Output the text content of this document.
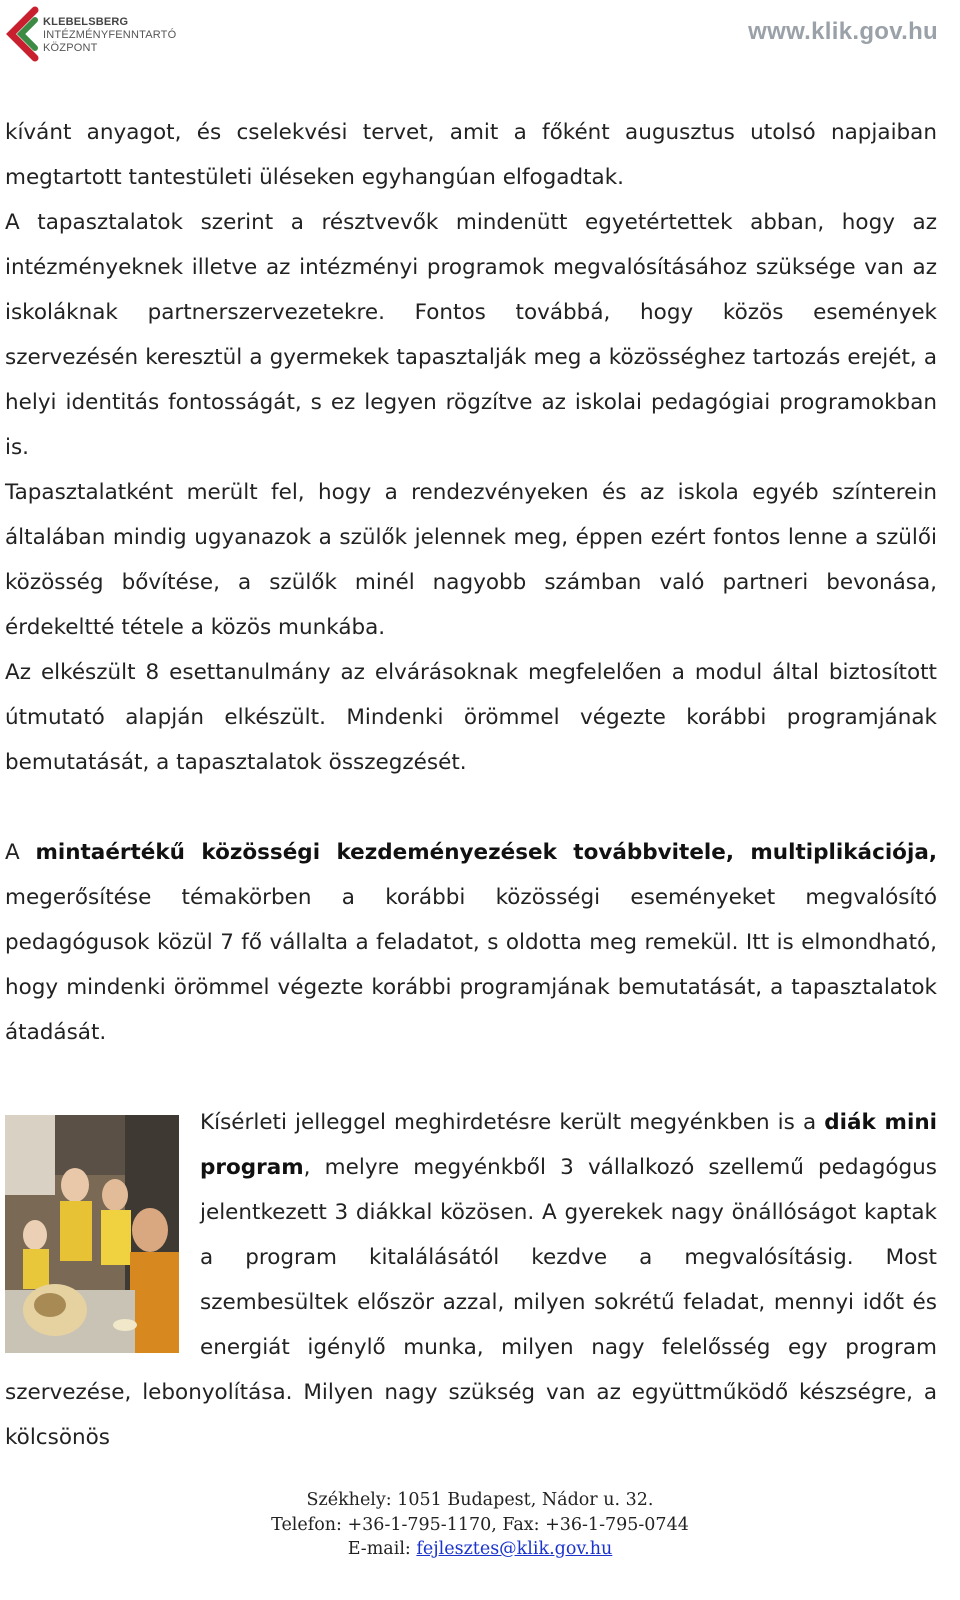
KLEBELSBERG
INTÉZMÉNYFENNTARTÓ
KÖZPONT
www.klik.gov.hu

kívánt anyagot, és cselekvési tervet, amit a főként augusztus utolsó napjaiban megtartott tantestületi üléseken egyhangúan elfogadtak.

A tapasztalatok szerint a résztvevők mindenütt egyetértettek abban, hogy az intézményeknek illetve az intézményi programok megvalósításához szüksége van az iskoláknak partnerszervezetekre. Fontos továbbá, hogy közös események szervezésén keresztül a gyermekek tapasztalják meg a közösséghez tartozás erejét, a helyi identitás fontosságát, s ez legyen rögzítve az iskolai pedagógiai programokban is.

Tapasztalatként merült fel, hogy a rendezvényeken és az iskola egyéb színterein általában mindig ugyanazok a szülők jelennek meg, éppen ezért fontos lenne a szülői közösség bővítése, a szülők minél nagyobb számban való partneri bevonása, érdekeltté tétele a közös munkába.

Az elkészült 8 esettanulmány az elvárásoknak megfelelően a modul által biztosított útmutató alapján elkészült. Mindenki örömmel végezte korábbi programjának bemutatását, a tapasztalatok összegzését.

A mintaértékű közösségi kezdeményezések továbbvitele, multiplikációja, megerősítése témakörben a korábbi közösségi eseményeket megvalósító pedagógusok közül 7 fő vállalta a feladatot, s oldotta meg remekül. Itt is elmondható, hogy mindenki örömmel végezte korábbi programjának bemutatását, a tapasztalatok átadását.

Kísérleti jelleggel meghirdetésre került megyénkben is a diák mini program, melyre megyénkből 3 vállalkozó szellemű pedagógus jelentkezett 3 diákkal közösen. A gyerekek nagy önállóságot kaptak a program kitalálásától kezdve a megvalósításig. Most szembesültek először azzal, milyen sokrétű feladat, mennyi időt és energiát igénylő munka, milyen nagy felelősség egy program szervezése, lebonyolítása. Milyen nagy szükség van az együttműködő készségre, a kölcsönös

Székhely: 1051 Budapest, Nádor u. 32.
Telefon: +36-1-795-1170, Fax: +36-1-795-0744
E-mail: fejlesztes@klik.gov.hu
